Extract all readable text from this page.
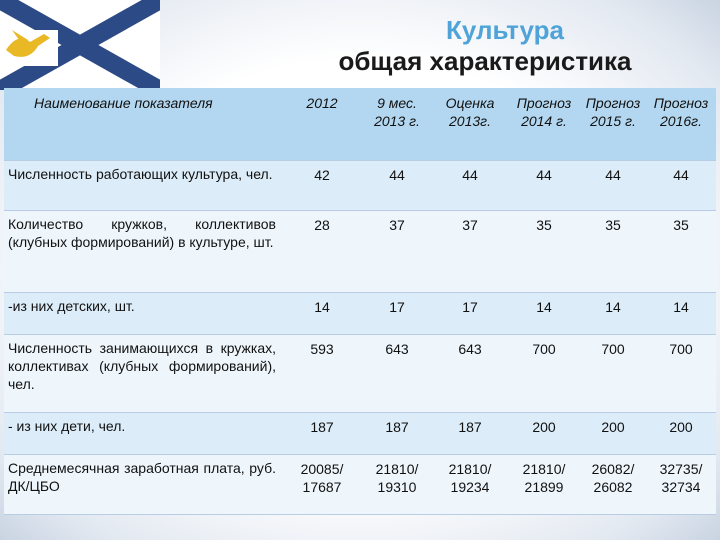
Культура
общая характеристика
Наименование показателя	2012	9 мес. 2013 г.	Оценка 2013г.	Прогноз 2014 г.	Прогноз 2015 г.	Прогноз 2016г.
Численность работающих культура, чел.	42	44	44	44	44	44
Количество кружков, коллективов (клубных формирований) в культуре, шт.	28	37	37	35	35	35
-из них детских, шт.	14	17	17	14	14	14
Численность занимающихся в кружках, коллективах (клубных формирований), чел.	593	643	643	700	700	700
- из них дети, чел.	187	187	187	200	200	200
Среднемесячная заработная плата, руб. ДК/ЦБО	20085/ 17687	21810/ 19310	21810/ 19234	21810/ 21899	26082/ 26082	32735/ 32734
